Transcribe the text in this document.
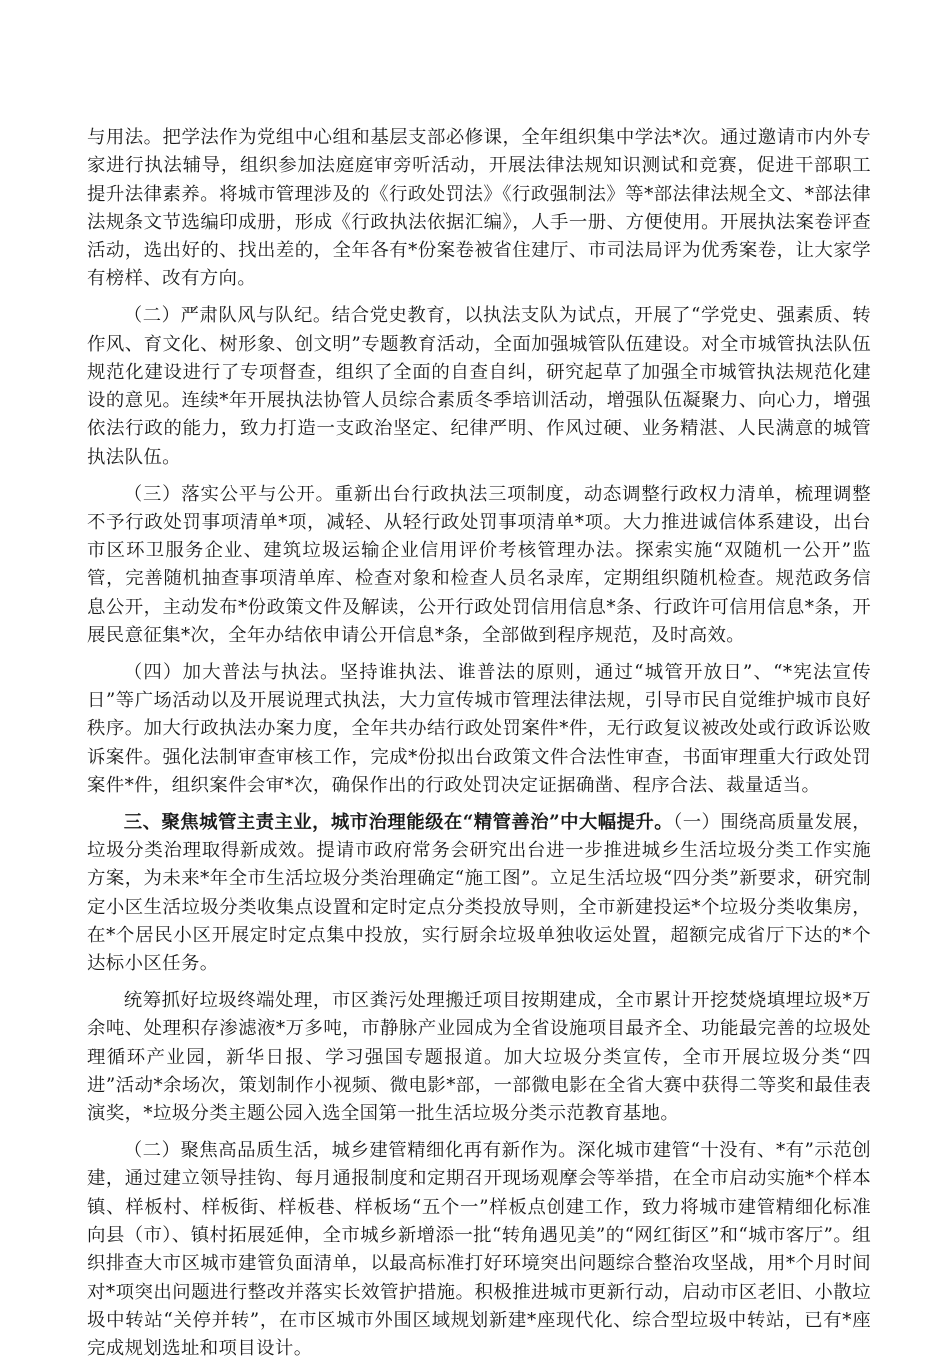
与用法。把学法作为党组中心组和基层支部必修课，全年组织集中学法*次。通过邀请市内外专家进行执法辅导，组织参加法庭庭审旁听活动，开展法律法规知识测试和竞赛，促进干部职工提升法律素养。将城市管理涉及的《行政处罚法》《行政强制法》等*部法律法规全文、*部法律法规条文节选编印成册，形成《行政执法依据汇编》，人手一册、方便使用。开展执法案卷评查活动，选出好的、找出差的，全年各有*份案卷被省住建厅、市司法局评为优秀案卷，让大家学有榜样、改有方向。

（二）严肃队风与队纪。结合党史教育，以执法支队为试点，开展了“学党史、强素质、转作风、育文化、树形象、创文明”专题教育活动，全面加强城管队伍建设。对全市城管执法队伍规范化建设进行了专项督查，组织了全面的自查自纠，研究起草了加强全市城管执法规范化建设的意见。连续*年开展执法协管人员综合素质冬季培训活动，增强队伍凝聚力、向心力，增强依法行政的能力，致力打造一支政治坚定、纪律严明、作风过硬、业务精湛、人民满意的城管执法队伍。

（三）落实公平与公开。重新出台行政执法三项制度，动态调整行政权力清单，梳理调整不予行政处罚事项清单*项，减轻、从轻行政处罚事项清单*项。大力推进诚信体系建设，出台市区环卫服务企业、建筑垃圾运输企业信用评价考核管理办法。探索实施“双随机一公开”监管，完善随机抽查事项清单库、检查对象和检查人员名录库，定期组织随机检查。规范政务信息公开，主动发布*份政策文件及解读，公开行政处罚信用信息*条、行政许可信用信息*条，开展民意征集*次，全年办结依申请公开信息*条，全部做到程序规范，及时高效。

（四）加大普法与执法。坚持谁执法、谁普法的原则，通过“城管开放日”、“*宪法宣传日”等广场活动以及开展说理式执法，大力宣传城市管理法律法规，引导市民自觉维护城市良好秩序。加大行政执法办案力度，全年共办结行政处罚案件*件，无行政复议被改处或行政诉讼败诉案件。强化法制审查审核工作，完成*份拟出台政策文件合法性审查，书面审理重大行政处罚案件*件，组织案件会审*次，确保作出的行政处罚决定证据确凿、程序合法、裁量适当。

三、聚焦城管主责主业，城市治理能级在“精管善治”中大幅提升。（一）围绕高质量发展，垃圾分类治理取得新成效。提请市政府常务会研究出台进一步推进城乡生活垃圾分类工作实施方案，为未来*年全市生活垃圾分类治理确定“施工图”。立足生活垃圾“四分类”新要求，研究制定小区生活垃圾分类收集点设置和定时定点分类投放导则，全市新建投运*个垃圾分类收集房，在*个居民小区开展定时定点集中投放，实行厨余垃圾单独收运处置，超额完成省厅下达的*个达标小区任务。

统筹抓好垃圾终端处理，市区粪污处理搬迁项目按期建成，全市累计开挖焚烧填埋垃圾*万余吨、处理积存渗滤液*万多吨，市静脉产业园成为全省设施项目最齐全、功能最完善的垃圾处理循环产业园，新华日报、学习强国专题报道。加大垃圾分类宣传，全市开展垃圾分类“四进”活动*余场次，策划制作小视频、微电影*部，一部微电影在全省大赛中获得二等奖和最佳表演奖，*垃圾分类主题公园入选全国第一批生活垃圾分类示范教育基地。

（二）聚焦高品质生活，城乡建管精细化再有新作为。深化城市建管“十没有、*有”示范创建，通过建立领导挂钩、每月通报制度和定期召开现场观摩会等举措，在全市启动实施*个样本镇、样板村、样板街、样板巷、样板场“五个一”样板点创建工作，致力将城市建管精细化标准向县（市）、镇村拓展延伸，全市城乡新增添一批“转角遇见美”的“网红街区”和“城市客厅”。组织排查大市区城市建管负面清单，以最高标准打好环境突出问题综合整治攻坚战，用*个月时间对*项突出问题进行整改并落实长效管护措施。积极推进城市更新行动，启动市区老旧、小散垃圾中转站“关停并转”，在市区城市外围区域规划新建*座现代化、综合型垃圾中转站，已有*座完成规划选址和项目设计。
